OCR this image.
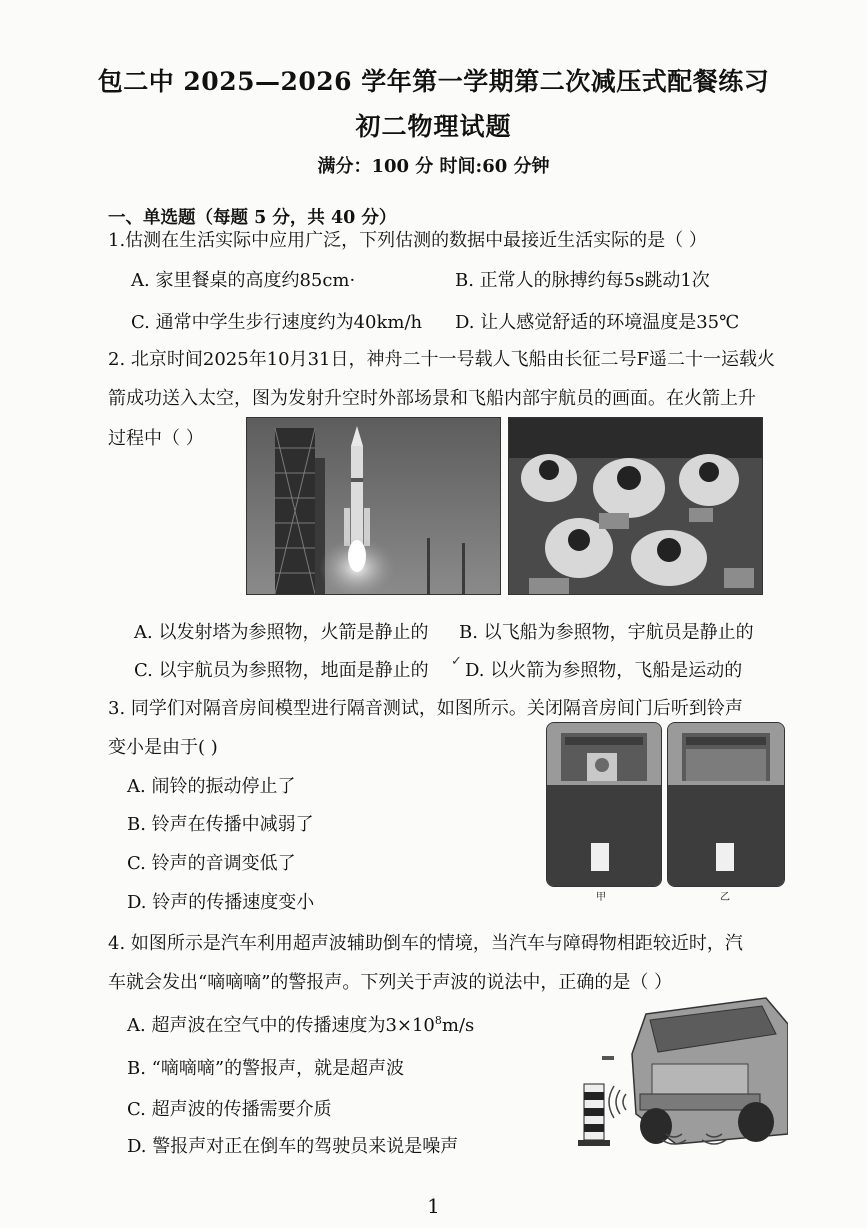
包二中 2025—2026 学年第一学期第二次减压式配餐练习
初二物理试题
满分：100 分 时间:60 分钟
一、单选题（每题 5 分，共 40 分）
1.估测在生活实际中应用广泛，下列估测的数据中最接近生活实际的是（ ）
A. 家里餐桌的高度约85cm·	B. 正常人的脉搏约每5s跳动1次
C. 通常中学生步行速度约为40km/h D. 让人感觉舒适的环境温度是35℃
2. 北京时间2025年10月31日，神舟二十一号载人飞船由长征二号F遥二十一运载火
箭成功送入太空，图为发射升空时外部场景和飞船内部宇航员的画面。在火箭上升
过程中（ ）
A. 以发射塔为参照物，火箭是静止的 B. 以飞船为参照物，宇航员是静止的
C. 以宇航员为参照物，地面是静止的 ✓ D. 以火箭为参照物，飞船是运动的
3. 同学们对隔音房间模型进行隔音测试，如图所示。关闭隔音房间门后听到铃声
变小是由于( )
A. 闹铃的振动停止了
B. 铃声在传播中减弱了
C. 铃声的音调变低了
D. 铃声的传播速度变小	甲	乙
4. 如图所示是汽车利用超声波辅助倒车的情境，当汽车与障碍物相距较近时，汽
车就会发出“嘀嘀嘀”的警报声。下列关于声波的说法中，正确的是（ ）
A. 超声波在空气中的传播速度为$3\times 10^8m/s$
B. “嘀嘀嘀”的警报声，就是超声波
C. 超声波的传播需要介质
D. 警报声对正在倒车的驾驶员来说是噪声
1
